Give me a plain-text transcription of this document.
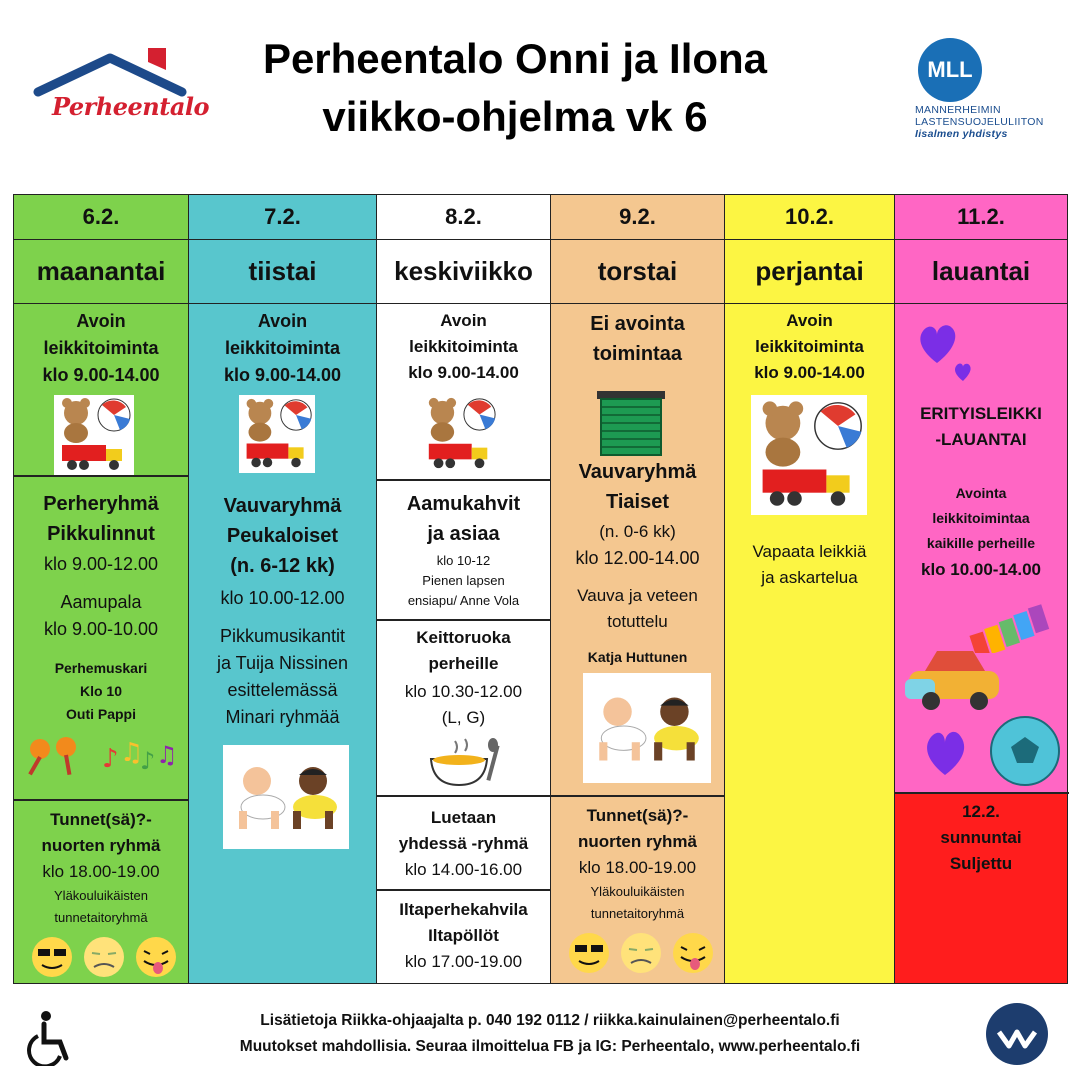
Perheentalo
Perheentalo Onni ja Ilona
viikko-ohjelma vk 6
MLL
MANNERHEIMIN
LASTENSUOJELULIITON
Iisalmen yhdistys
6.2.
maanantai
Avoin
leikkitoiminta
klo 9.00-14.00
Perheryhmä
Pikkulinnut
klo 9.00-12.00
Aamupala
klo 9.00-10.00
Perhemuskari
Klo 10
Outi Pappi
♪ ♫
♪ ♫
Tunnet(sä)?-
nuorten ryhmä
klo 18.00-19.00
Yläkouluikäisten
tunnetaitoryhmä
7.2.
tiistai
Avoin
leikkitoiminta
klo 9.00-14.00
Vauvaryhmä
Peukaloiset
(n. 6-12 kk)
klo 10.00-12.00
Pikkumusikantit
ja Tuija Nissinen
esittelemässä
Minari ryhmää
8.2.
keskiviikko
Avoin
leikkitoiminta
klo 9.00-14.00
Aamukahvit
ja asiaa
klo 10-12
Pienen lapsen
ensiapu/ Anne Vola
Keittoruoka
perheille
klo 10.30-12.00
(L, G)
Luetaan
yhdessä -ryhmä
klo 14.00-16.00
Iltaperhekahvila
Iltapöllöt
klo 17.00-19.00
9.2.
torstai
Ei avointa
toimintaa
Vauvaryhmä
Tiaiset
(n. 0-6 kk)
klo 12.00-14.00
Vauva ja veteen
totuttelu
Katja Huttunen
Tunnet(sä)?-
nuorten ryhmä
klo 18.00-19.00
Yläkouluikäisten
tunnetaitoryhmä
10.2.
perjantai
Avoin
leikkitoiminta
klo 9.00-14.00
Vapaata leikkiä
ja askartelua
11.2.
lauantai
ERITYISLEIKKI
-LAUANTAI
Avointa
leikkitoimintaa
kaikille perheille
klo 10.00-14.00
12.2.
sunnuntai
Suljettu
Lisätietoja Riikka-ohjaajalta p. 040 192 0112 / riikka.kainulainen@perheentalo.fi
Muutokset mahdollisia. Seuraa ilmoittelua FB ja IG: Perheentalo, www.perheentalo.fi
